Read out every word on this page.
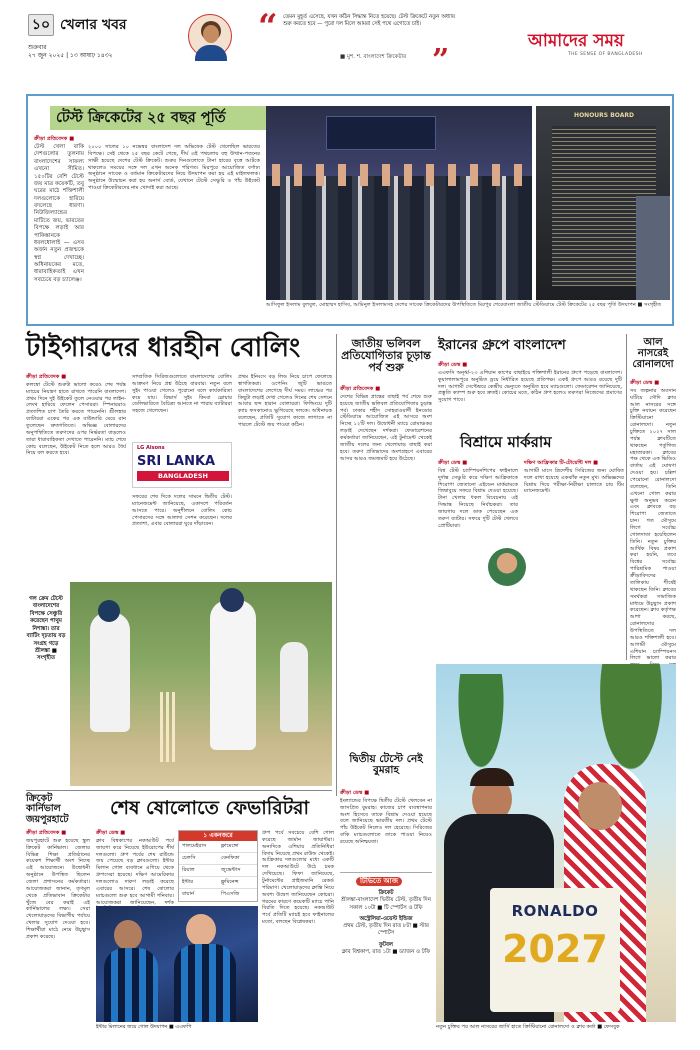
১০ খেলার খবর
শুক্রবার
২৭ জুন ২০২৫ | ১৩ আষাঢ় ১৪৩২
“ তেমন মুহূর্ত এসেছে, যখন কঠিন সিদ্ধান্ত নিতে হয়েছে। টেস্ট ক্রিকেটে নতুন অধ্যায় শুরু করতে হবে — পুরো দল মিলে আমরা সেই পথে এগোতে চাই।
■ মুশ. শ. বাংলাদেশ ক্রিকেটার ”
আমাদের সময়
THE SENSE OF BANGLADESH
টেস্ট ক্রিকেটের ২৫ বছর পূর্তি
ক্রীড়া প্রতিবেদক ■
টেস্ট খেলা বাকি দেশগুলোর তুলনায় বাংলাদেশের সাফল্য এখনো সীমিত। ১৫০টির বেশি টেস্টে জয় মাত্র কয়েকটি, তবু ঘরের মাঠে শক্তিশালী দলগুলোকে হারিয়ে বদলেছে ধারণা। নিউজিল্যান্ডের মাটিতে জয়, ভারতের বিপক্ষে লড়াই আর পাকিস্তানকে ধবলধোলাই — এসব অর্জন নতুন প্রজন্মকে স্বপ্ন দেখাচ্ছে। অধিনায়কের মতে, ধারাবাহিকতাই এখন সবচেয়ে বড় চ্যালেঞ্জ।
২০০০ সালের ১০ নভেম্বর বাংলাদেশ দল অভিষেক টেস্ট খেলেছিল ভারতের বিপক্ষে। সেই থেকে ২৫ বছর কেটে গেছে, দীর্ঘ এই পথচলায় বহু উত্থান-পতনের সাক্ষী হয়েছে দেশের টেস্ট ক্রিকেট। শুরুর দিনগুলোতে টানা হারের বৃত্তে আটকে থাকলেও সময়ের সঙ্গে দল এখন অনেক পরিণত। মিরপুরে আয়োজিত বর্ণাঢ্য অনুষ্ঠানে সাবেক ও বর্তমান ক্রিকেটারদের নিয়ে উদযাপন করা হয় এই মাইলফলক। অনুষ্ঠানে উন্মোচন করা হয় অনার্স বোর্ড, যেখানে টেস্টে সেঞ্চুরি ও পাঁচ উইকেট পাওয়া ক্রিকেটারদের নাম খোদাই করা আছে।
HONOURS BOARD
আসিফুল ইসলাম বুলবুল, মোহাম্মদ হাসিব, আমিনুল ইসলামসহ দেশের সাবেক ক্রিকেটারদের উপস্থিতিতে মিরপুর শেরেবাংলা জাতীয় স্টেডিয়ামে টেস্ট ক্রিকেটের ২৫ বছর পূর্তি উদযাপন ■ সংগৃহীত
টাইগারদের ধারহীন বোলিং
ক্রীড়া প্রতিবেদক ■

কলম্বো টেস্টে শুরুটা ভালো করেও শেষ পর্যন্ত ম্যাচের নিয়ন্ত্রণ হাতে রাখতে পারেনি বাংলাদেশ। প্রথম দিনে দুই উইকেট তুলে নেওয়ার পর লাইন-লেংথ হারিয়ে ফেলেন পেসাররা। স্পিনাররাও প্রত্যাশিত চাপ তৈরি করতে পারেননি। শ্রীলঙ্কার ব্যাটাররা একের পর এক বাউন্ডারি মেরে রান তুলেছেন দ্রুতগতিতে। অভিজ্ঞ বোলারদের অনুপস্থিতিতে তরুণদের ওপর নির্ভরতা বাড়লেও তারা ধারাবাহিকতা দেখাতে পারেননি। ম্যাচ শেষে কোচ বলেছেন, উইকেট নিতে হলে আরও ধৈর্য নিয়ে বল করতে হবে।

সাম্প্রতিক সিরিজগুলোতে বাংলাদেশের বোলিং আক্রমণ নিয়ে প্রশ্ন উঠছে বারবার। নতুন বলে সুইং পাওয়া গেলেও পুরোনো বলে কার্যকারিতা কমে যায়। রিভার্স সুইং কিংবা স্লোয়ার ডেলিভারিতে বৈচিত্র্য আনতে না পারায় ব্যাটাররা সহজে খেলেছেন।
LG Alsons
SRI LANKA
BANGLADESH
সফরের শেষ দিকে দলের সামনে দ্বিতীয় টেস্ট। ম্যানেজমেন্ট জানিয়েছে, একাদশে পরিবর্তন আসতে পারে। অনুশীলনে বোলিং কোচ পেসারদের সঙ্গে আলাদা সেশন করেছেন। দলের প্রত্যাশা, এবার বোলাররা ঘুরে দাঁড়াবেন।
প্রথম ইনিংসে বড় লিড নিয়ে চাপে ফেলেছে স্বাগতিকরা। ওপেনিং জুটি ভাঙতে বাংলাদেশের লেগেছে দীর্ঘ সময়। লাঞ্চের পর কিছুটা লড়াই দেখা গেলেও দিনের শেষ সেশনে আবার ছন্দ হারান বোলাররা। ফিল্ডিংয়ে দুটি ক্যাচ ফসকানোও ভুগিয়েছে দলকে। অধিনায়ক বলেছেন, প্রতিটি সুযোগ কাজে লাগাতে না পারলে টেস্টে জয় পাওয়া কঠিন।
গল ক্রেম টেস্টে বাংলাদেশের বিপক্ষে সেঞ্চুরি করেছেন পাথুম নিশাঙ্কা। তার ব্যাটিং দৃঢ়তায় বড় সংগ্রহ গড়ে শ্রীলঙ্কা ■ সংগৃহীত
জাতীয় ভলিবল প্রতিযোগিতার চূড়ান্ত পর্ব শুরু
ক্রীড়া প্রতিবেদক ■

দেশের বিভিন্ন প্রান্তের বাছাই পর্ব শেষে শুরু হয়েছে জাতীয় ভলিবল প্রতিযোগিতার চূড়ান্ত পর্ব। ঢাকার শহীদ সোহরাওয়ার্দী ইনডোর স্টেডিয়ামে আয়োজিত এই আসরে অংশ নিচ্ছে ১২টি দল। উদ্বোধনী ম্যাচে রোমাঞ্চকর লড়াই দেখেছেন দর্শকরা। ফেডারেশনের কর্মকর্তারা জানিয়েছেন, এই টুর্নামেন্ট থেকেই জাতীয় দলের জন্য খেলোয়াড় বাছাই করা হবে। তরুণ প্রতিভাদের অংশগ্রহণে এবারের আসর আরও জমজমাট হয়ে উঠেছে।

ইরানের গ্রুপে বাংলাদেশ
ক্রীড়া ডেস্ক ■

এএফসি অনূর্ধ্ব-২৩ এশিয়ান কাপের বাছাইয়ে শক্তিশালী ইরানের গ্রুপে পড়েছে বাংলাদেশ। কুয়ালালামপুরে অনুষ্ঠিত ড্রয়ে নির্ধারিত হয়েছে প্রতিপক্ষ। একই গ্রুপে আরও রয়েছে দুটি দল। আগামী সেপ্টেম্বরে কেন্দ্রীয় ভেন্যুতে অনুষ্ঠিত হবে ম্যাচগুলো। ফেডারেশন জানিয়েছে, প্রস্তুতি ক্যাম্প শুরু হবে দ্রুতই। কোচের মতে, কঠিন গ্রুপ হলেও তরুণরা নিজেদের প্রমাণের সুযোগ পাবে।

বিশ্রামে মার্করাম
ক্রীড়া ডেস্ক ■

বিশ্ব টেস্ট চ্যাম্পিয়নশিপের ফাইনালে দুর্দান্ত সেঞ্চুরি করে দক্ষিণ আফ্রিকাকে শিরোপা জেতানো এইডেন মার্করামকে জিম্বাবুয়ে সফরে বিশ্রাম দেওয়া হয়েছে। টানা খেলার ধকল বিবেচনায় এই সিদ্ধান্ত নিয়েছে নির্বাচকরা। তার জায়গায় দলে ডাক পেয়েছেন এক তরুণ ব্যাটার। সফরে দুটি টেস্ট খেলবে প্রোটিয়ারা।

দক্ষিণ আফ্রিকার টি-টোয়েন্টি দল ■

আগামী মাসে ত্রিদেশীয় সিরিজের জন্য ঘোষিত দলে রাখা হয়েছে একঝাঁক নতুন মুখ। অভিজ্ঞদের বিশ্রাম দিয়ে পরীক্ষা-নিরীক্ষা চালাতে চায় টিম ম্যানেজমেন্ট।

আল নাসরেই রোনালদো
ক্রীড়া ডেস্ক ■

সব জল্পনার অবসান ঘটিয়ে সৌদি ক্লাব আল নাসরের সঙ্গে চুক্তি নবায়ন করেছেন ক্রিস্টিয়ানো রোনালদো। নতুন চুক্তিতে ২০২৭ সাল পর্যন্ত ক্লাবটিতে থাকছেন পর্তুগিজ মহাতারকা। ক্লাবের পক্ষ থেকে এক ভিডিও বার্তায় এই ঘোষণা দেওয়া হয়। চল্লিশ পেরোনো রোনালদো বলেছেন, তিনি এখনো গোল করার ক্ষুধা অনুভব করেন এবং ক্লাবকে বড় শিরোপা জেতাতে চান। গত মৌসুমে লিগে সর্বোচ্চ গোলদাতা হয়েছিলেন তিনি। নতুন চুক্তির আর্থিক বিষয় প্রকাশ করা হয়নি, তবে বিশ্বের সর্বোচ্চ পারিশ্রমিক পাওয়া ক্রীড়াবিদদের তালিকায় শীর্ষেই থাকছেন তিনি। ক্লাবের সমর্থকরা সামাজিক মাধ্যমে উচ্ছ্বাস প্রকাশ করেছেন। ক্লাব কর্তৃপক্ষ আশা করছে, রোনালদোর উপস্থিতিতে দল আরও শক্তিশালী হবে। আগামী মৌসুমে এশিয়ান চ্যাম্পিয়নস লিগে ভালো করার

দ্বিতীয় টেস্টে নেই বুমরাহ
ক্রীড়া ডেস্ক ■

ইংল্যান্ডের বিপক্ষে দ্বিতীয় টেস্টে খেলবেন না জাসপ্রিত বুমরাহ। কাজের চাপ ব্যবস্থাপনার অংশ হিসেবে তাকে বিশ্রাম দেওয়া হয়েছে বলে জানিয়েছে ভারতীয় দল। প্রথম টেস্টে পাঁচ উইকেট নিলেও দল হেরেছে। সিরিজের বাকি ম্যাচগুলোতে তাকে পাওয়া নিয়েও রয়েছে অনিশ্চয়তা।

টিভিতে আজ
ক্রিকেট
শ্রীলঙ্কা-বাংলাদেশ দ্বিতীয় টেস্ট, তৃতীয় দিন সকাল ১০টা ■ টি স্পোর্টস ও টফি
অস্ট্রেলিয়া-ওয়েস্ট ইন্ডিজ
প্রথম টেস্ট, তৃতীয় দিন রাত ৮টা ■ স্টার স্পোর্টস
ফুটবল
ক্লাব বিশ্বকাপ, রাত ১টা ■ ড্যাজন ও টফি
RONALDO
2027
নতুন চুক্তির পর আল নাসরের জার্সি হাতে ক্রিস্টিয়ানো রোনালদো ও ক্লাব কর্তা ■ ফেসবুক
ক্রিকেট কার্নিভাল জয়পুরহাটে
ক্রীড়া প্রতিবেদক ■

জয়পুরহাটে শুরু হয়েছে স্কুল ক্রিকেট কার্নিভাল। জেলার বিভিন্ন শিক্ষা প্রতিষ্ঠানের কয়েকশ শিক্ষার্থী অংশ নিচ্ছে এই আয়োজনে। উদ্বোধনী অনুষ্ঠানে উপস্থিত ছিলেন জেলা প্রশাসনের কর্মকর্তারা। আয়োজকরা জানান, তৃণমূল থেকে প্রতিভাবান ক্রিকেটার খুঁজে বের করাই এই কার্নিভালের লক্ষ্য। সেরা খেলোয়াড়দের বিভাগীয় পর্যায়ে খেলার সুযোগ দেওয়া হবে। শিক্ষার্থীরা মাঠে নেমে উচ্ছ্বাস প্রকাশ করেছে।

শেষ ষোলোতে ফেভারিটরা
ক্রীড়া ডেস্ক ■

ক্লাব বিশ্বকাপের নকআউট পর্বে জায়গা করে নিয়েছে ইউরোপের শীর্ষ দলগুলো। গ্রুপ পর্বের শেষ রাউন্ডে জয় পেয়েছে বড় ক্লাবগুলো। ইন্টার মিলান গোল ব্যবধানে এগিয়ে থেকে গ্রুপসেরা হয়েছে। দক্ষিণ আমেরিকার দলগুলোও দারুণ লড়াই করেছে এবারের আসরে। শেষ ষোলোর ম্যাচগুলো শুরু হবে আগামী শনিবার। আয়োজকরা জানিয়েছেন, দর্শক

১ একনজরে
পালমেইরাস	ফ্লামেঙ্গো
চেলসি	বেনফিকা
রিয়াল	জুভেন্টাস
ইন্টার	ফ্লুমিনেন্স
বায়ার্ন	পিএসজি
গ্রুপ পর্বে সবচেয়ে বেশি গোল করেছে জার্মান জায়ান্টরা। অন্যদিকে এশিয়ার প্রতিনিধিরা বিদায় নিয়েছে প্রথম রাউন্ড থেকেই। আফ্রিকার দলগুলোর মধ্যে একটি দল নকআউটে উঠে চমক দেখিয়েছে। ফিফা জানিয়েছে, টুর্নামেন্টের প্রাইজমানি রেকর্ড পরিমাণ। খেলোয়াড়দের ক্লান্তি নিয়ে অবশ্য উদ্বেগ জানিয়েছেন কোচরা। গরমের কারণে কয়েকটি ম্যাচে পানি বিরতি দিতে হয়েছে। নকআউট পর্বে প্রতিটি ম্যাচই হবে ফাইনালের মতো, বলছেন বিশ্লেষকরা।
ইন্টার মিলানের জয়ে গোল উদযাপন ■ এএফপি
